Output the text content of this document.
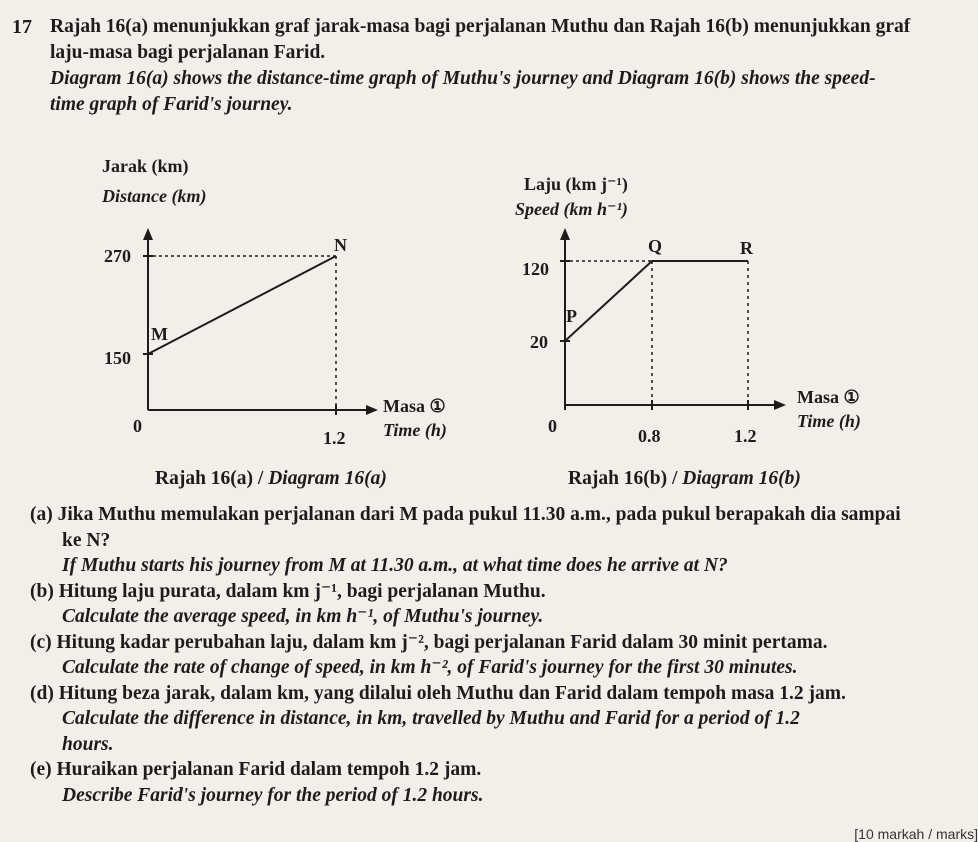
17 Rajah 16(a) menunjukkan graf jarak-masa bagi perjalanan Muthu dan Rajah 16(b) menunjukkan graf
laju-masa bagi perjalanan Farid.
Diagram 16(a) shows the distance-time graph of Muthu's journey and Diagram 16(b) shows the speed-
time graph of Farid's journey.
Jarak (km)
Distance (km)
270
150
0
1.2
M
N
Masa ①
Time (h)
Laju (km j⁻¹)
Speed (km h⁻¹)
120
20
0	0.8	1.2
P
Q	R
Masa ①
Time (h)
Rajah 16(a) / Diagram 16(a)	Rajah 16(b) / Diagram 16(b)

(a) Jika Muthu memulakan perjalanan dari M pada pukul 11.30 a.m., pada pukul berapakah dia sampai

ke N?

If Muthu starts his journey from M at 11.30 a.m., at what time does he arrive at N?

(b) Hitung laju purata, dalam km j⁻¹, bagi perjalanan Muthu.

Calculate the average speed, in km h⁻¹, of Muthu's journey.

(c) Hitung kadar perubahan laju, dalam km j⁻², bagi perjalanan Farid dalam 30 minit pertama.

Calculate the rate of change of speed, in km h⁻², of Farid's journey for the first 30 minutes.

(d) Hitung beza jarak, dalam km, yang dilalui oleh Muthu dan Farid dalam tempoh masa 1.2 jam.

Calculate the difference in distance, in km, travelled by Muthu and Farid for a period of 1.2

hours.

(e) Huraikan perjalanan Farid dalam tempoh 1.2 jam.

Describe Farid's journey for the period of 1.2 hours.

[10 markah / marks]
